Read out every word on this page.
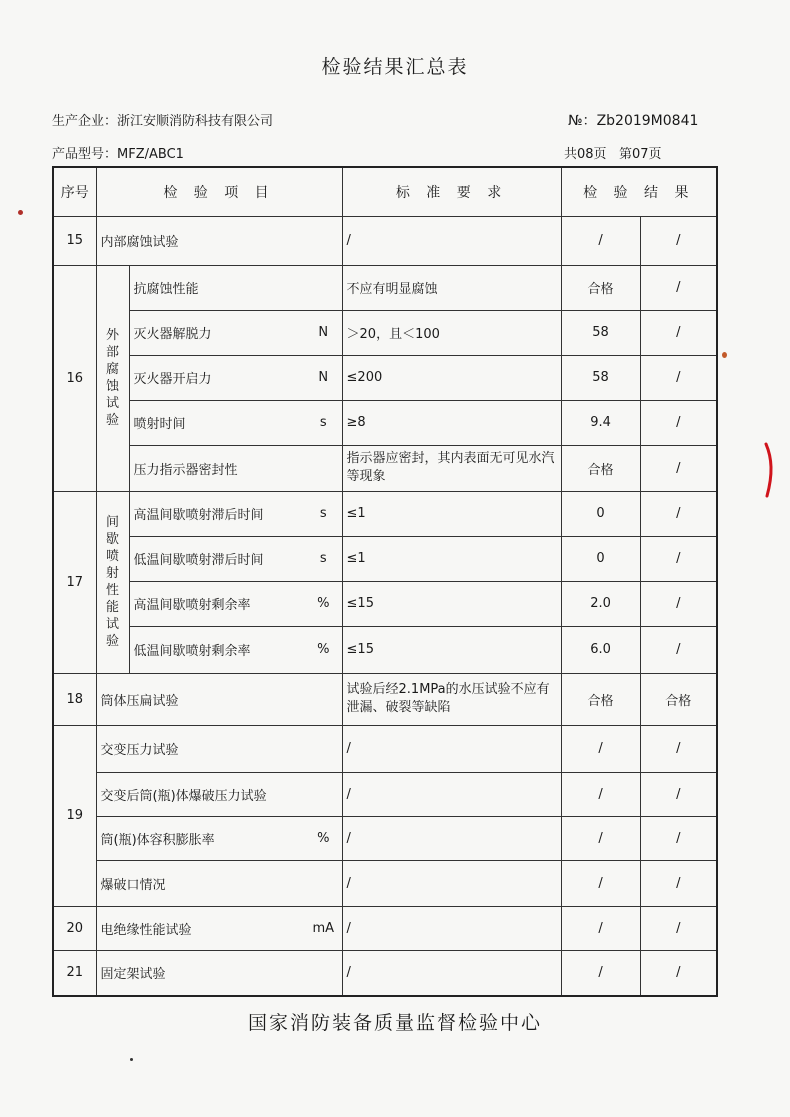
检验结果汇总表
生产企业：浙江安顺消防科技有限公司	№：Zb2019M0841
产品型号：MFZ/ABC1	共08页 第07页
序号	检 验 项 目			标 准 要 求	检 验 结 果	
15	内部腐蚀试验			/	/	/
16	外部
腐蚀
试验	抗腐蚀性能		不应有明显腐蚀	合格	/
		灭火器解脱力	N	＞20，且＜100	58	/
		灭火器开启力	N	≤200	58	/
		喷射时间	s	≥8	9.4	/
		压力指示器密封性		指示器应密封，其内表面无可见水汽等现象	合格	/
17	间歇
喷射
性能
试验	高温间歇喷射滞后时间	s	≤1	0	/
		低温间歇喷射滞后时间	s	≤1	0	/
		高温间歇喷射剩余率	%	≤15	2.0	/
		低温间歇喷射剩余率	%	≤15	6.0	/
18	筒体压扁试验			试验后经2.1MPa的水压试验不应有泄漏、破裂等缺陷	合格	合格
19	交变压力试验			/	/	/
	交变后筒(瓶)体爆破压力试验			/	/	/
	筒(瓶)体容积膨胀率		%	/	/	/
	爆破口情况			/	/	/
20	电绝缘性能试验		mA	/	/	/
21	固定架试验			/	/	/
国家消防装备质量监督检验中心
